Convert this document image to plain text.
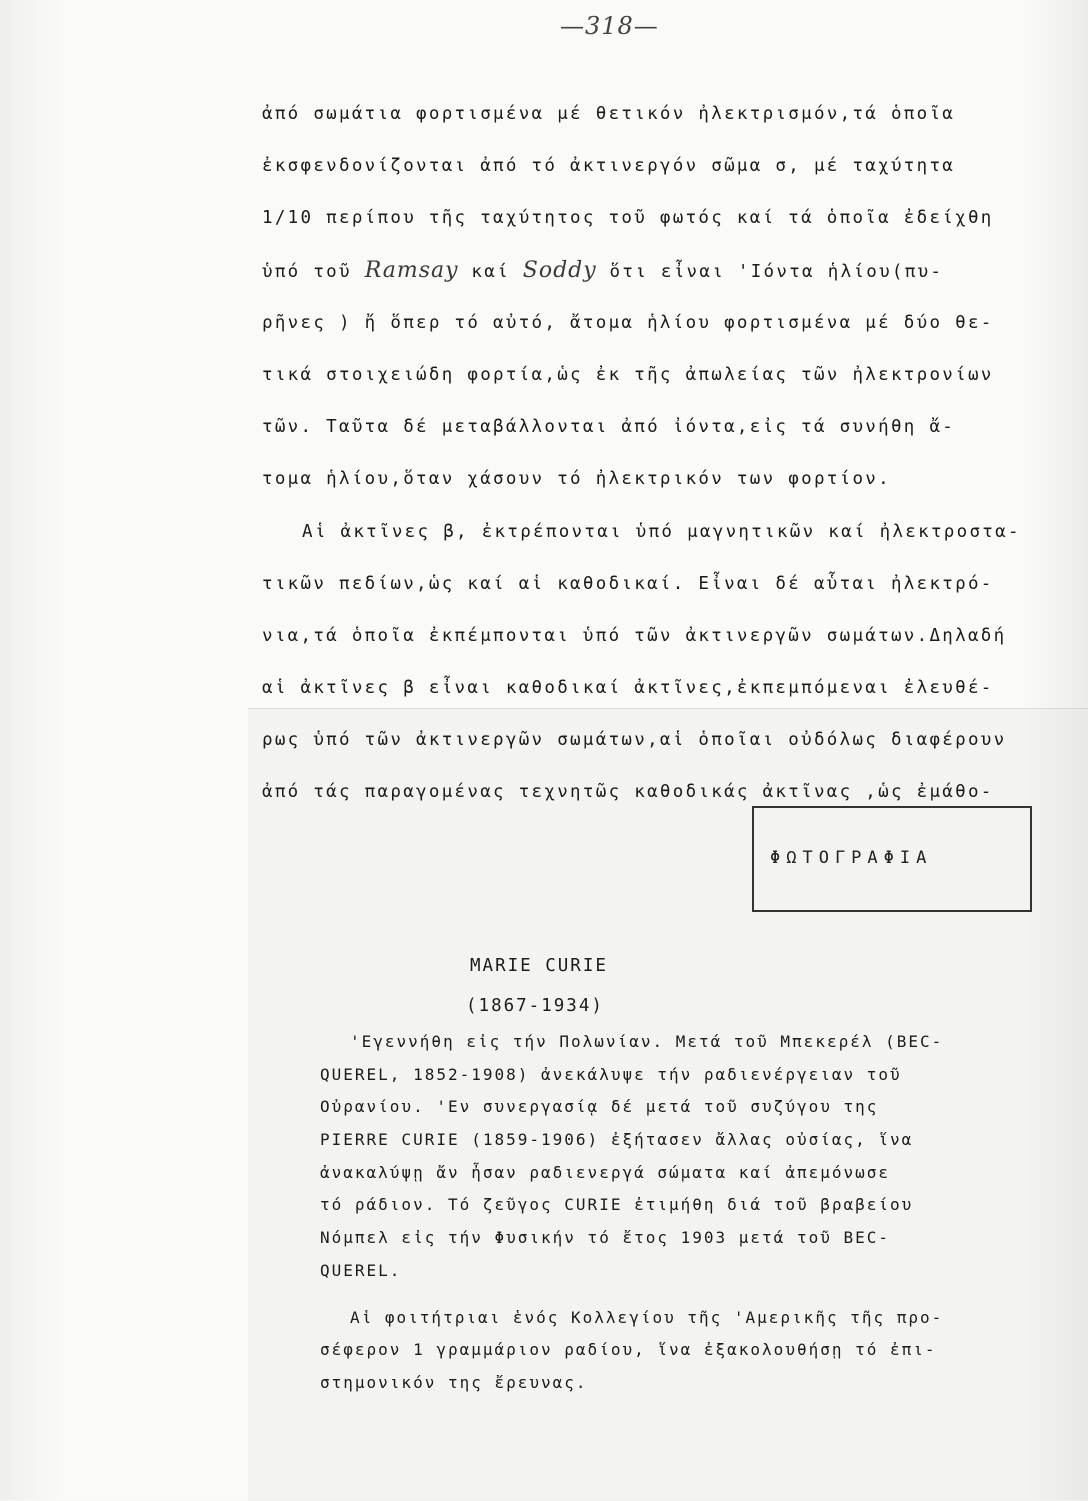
—318—
ἀπό σωμάτια φορτισμένα μέ θετικόν ἠλεκτρισμόν,τά ὁποῖα
ἐκσφενδονίζονται ἀπό τό ἀκτινεργόν σῶμα σ, μέ ταχύτητα
1/10 περίπου τῆς ταχύτητος τοῦ φωτός καί τά ὁποῖα ἐδείχθη
ὑπό τοῦ Ramsay καί Soddy ὅτι εἶναι 'Ιόντα ἡλίου(πυ-
ρῆνες ) ἤ ὅπερ τό αὐτό, ἄτομα ἡλίου φορτισμένα μέ δύο θε-
τικά στοιχειώδη φορτία,ὡς ἐκ τῆς ἀπωλείας τῶν ἠλεκτρονίων
τῶν. Ταῦτα δέ μεταβάλλονται ἀπό ἰόντα,εἰς τά συνήθη ἄ-
τομα ἡλίου,ὅταν χάσουν τό ἠλεκτρικόν των φορτίον.
Αἱ ἀκτῖνες β, ἐκτρέπονται ὑπό μαγνητικῶν καί ἠλεκτροστα-
τικῶν πεδίων,ὡς καί αἱ καθοδικαί. Εἶναι δέ αὗται ἠλεκτρό-
νια,τά ὁποῖα ἐκπέμπονται ὑπό τῶν ἀκτινεργῶν σωμάτων.Δηλαδή
αἱ ἀκτῖνες β εἶναι καθοδικαί ἀκτῖνες,ἐκπεμπόμεναι ἐλευθέ-
ρως ὑπό τῶν ἀκτινεργῶν σωμάτων,αἱ ὁποῖαι οὐδόλως διαφέρουν
ἀπό τάς παραγομένας τεχνητῶς καθοδικάς ἀκτῖνας ,ὡς ἐμάθο-
ΦΩΤΟΓΡΑΦΙΑ
MARIE CURIE
(1867-1934)
'Εγεννήθη εἰς τήν Πολωνίαν. Μετά τοῦ Μπεκερέλ (BEC-
QUEREL, 1852-1908) ἀνεκάλυψε τήν ραδιενέργειαν τοῦ
Οὐρανίου. 'Εν συνεργασίᾳ δέ μετά τοῦ συζύγου της
PIERRE CURIE (1859-1906) ἐξήτασεν ἄλλας οὐσίας, ἵνα
ἀνακαλύψῃ ἄν ἦσαν ραδιενεργά σώματα καί ἀπεμόνωσε
τό ράδιον. Τό ζεῦγος CURIE ἐτιμήθη διά τοῦ βραβείου
Νόμπελ εἰς τήν Φυσικήν τό ἔτος 1903 μετά τοῦ BEC-
QUEREL.
Αἱ φοιτήτριαι ἑνός Κολλεγίου τῆς 'Αμερικῆς τῆς προ-
σέφερον 1 γραμμάριον ραδίου, ἵνα ἐξακολουθήσῃ τό ἐπι-
στημονικόν της ἔρευνας.
